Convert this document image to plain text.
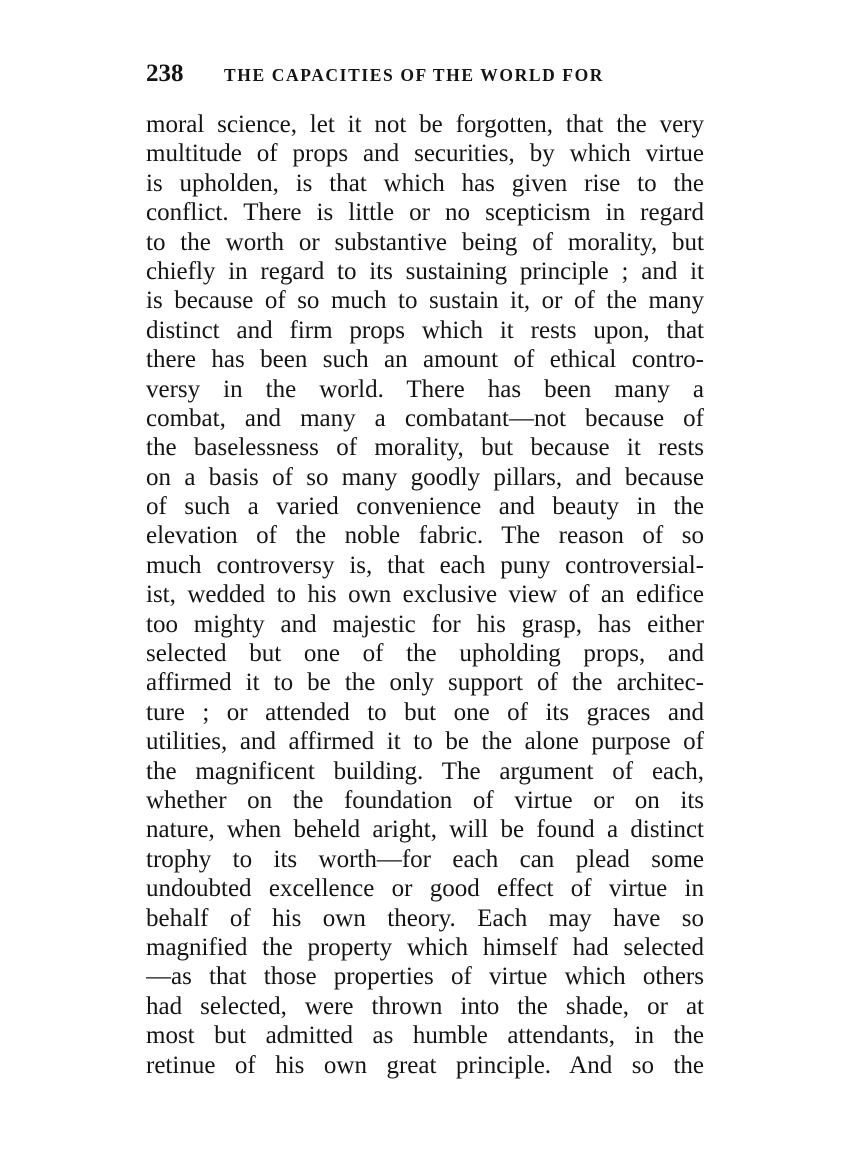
238 THE CAPACITIES OF THE WORLD FOR
moral science, let it not be forgotten, that the very
multitude of props and securities, by which virtue
is upholden, is that which has given rise to the
conflict. There is little or no scepticism in regard
to the worth or substantive being of morality, but
chiefly in regard to its sustaining principle ; and it
is because of so much to sustain it, or of the many
distinct and firm props which it rests upon, that
there has been such an amount of ethical contro-
versy in the world. There has been many a
combat, and many a combatant—not because of
the baselessness of morality, but because it rests
on a basis of so many goodly pillars, and because
of such a varied convenience and beauty in the
elevation of the noble fabric. The reason of so
much controversy is, that each puny controversial-
ist, wedded to his own exclusive view of an edifice
too mighty and majestic for his grasp, has either
selected but one of the upholding props, and
affirmed it to be the only support of the architec-
ture ; or attended to but one of its graces and
utilities, and affirmed it to be the alone purpose of
the magnificent building. The argument of each,
whether on the foundation of virtue or on its
nature, when beheld aright, will be found a distinct
trophy to its worth—for each can plead some
undoubted excellence or good effect of virtue in
behalf of his own theory. Each may have so
magnified the property which himself had selected
—as that those properties of virtue which others
had selected, were thrown into the shade, or at
most but admitted as humble attendants, in the
retinue of his own great principle. And so the
